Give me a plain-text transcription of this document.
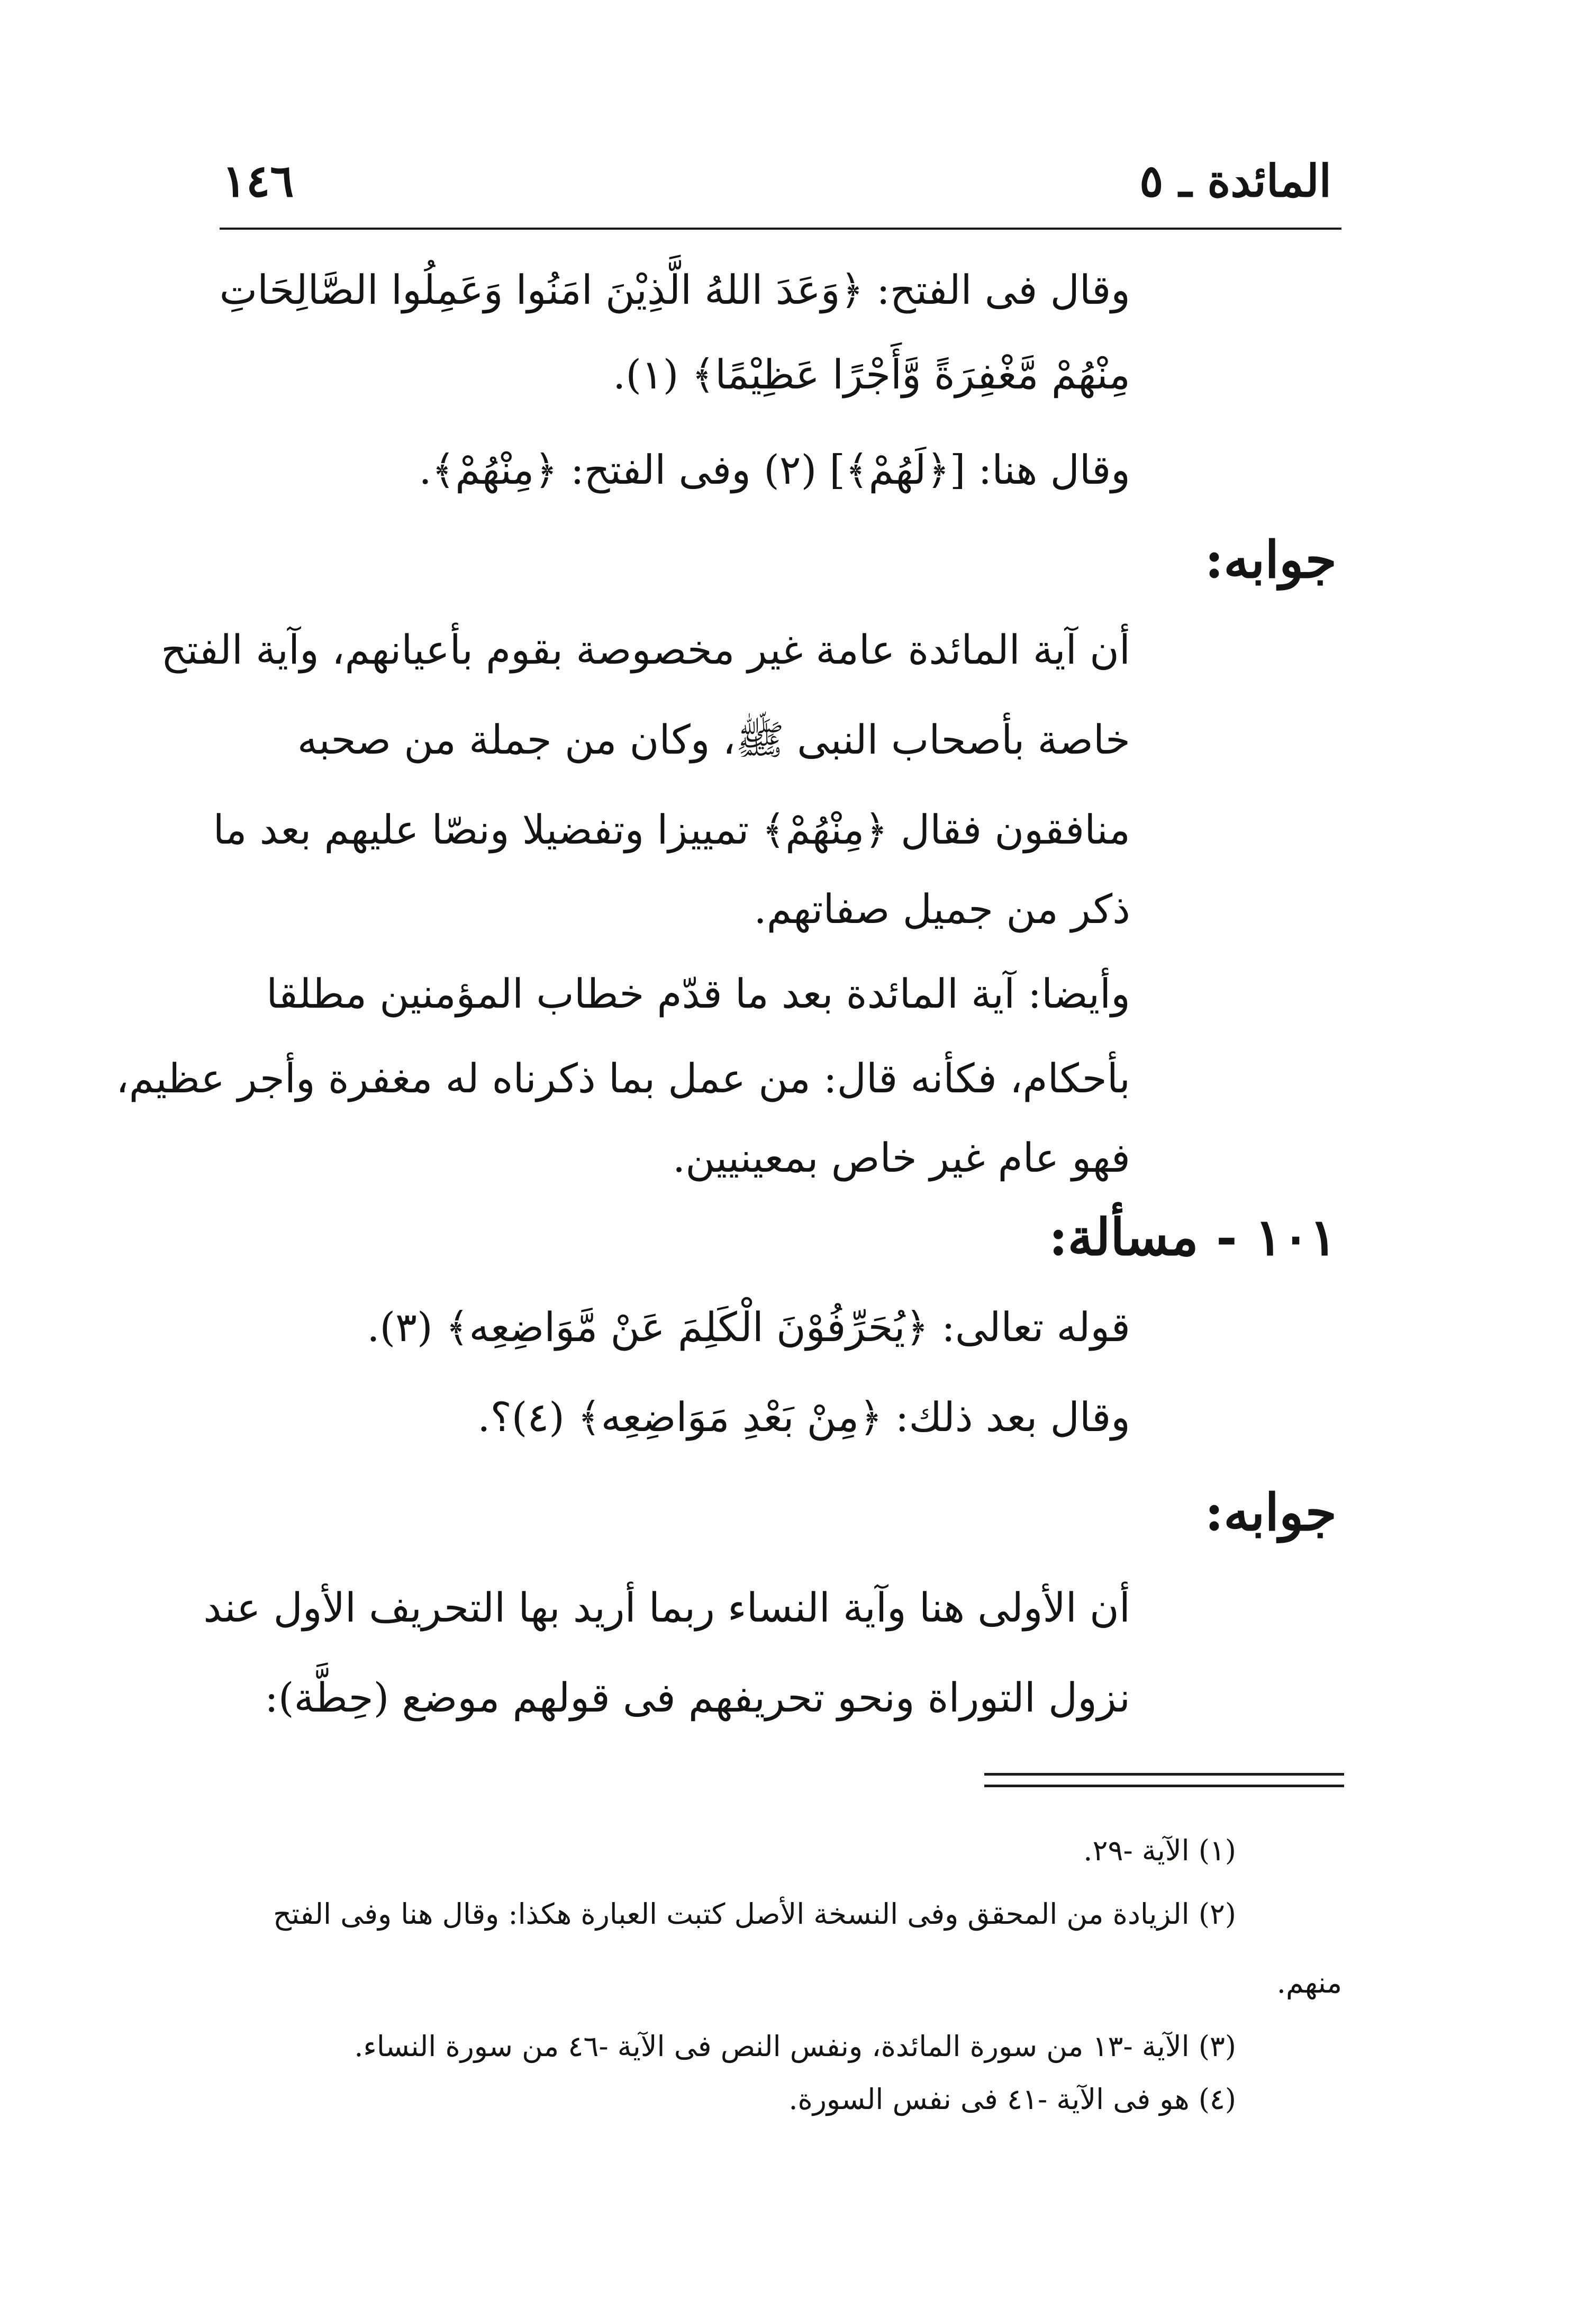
١٤٦	المائدة ـ ٥
وقال فى الفتح: ﴿وَعَدَ اللهُ الَّذِيْنَ امَنُوا وَعَمِلُوا الصَّالِحَاتِ
مِنْهُمْ مَّغْفِرَةً وَّأَجْرًا عَظِيْمًا﴾ (١).
وقال هنا: [﴿لَهُمْ﴾] (٢) وفى الفتح: ﴿مِنْهُمْ﴾.
جوابه:
أن آية المائدة عامة غير مخصوصة بقوم بأعيانهم، وآية الفتح
خاصة بأصحاب النبى ﷺ، وكان من جملة من صحبه
منافقون فقال ﴿مِنْهُمْ﴾ تمييزا وتفضيلا ونصّا عليهم بعد ما
ذكر من جميل صفاتهم.
وأيضا: آية المائدة بعد ما قدّم خطاب المؤمنين مطلقا
بأحكام، فكأنه قال: من عمل بما ذكرناه له مغفرة وأجر عظيم،
فهو عام غير خاص بمعينيين.
١٠١ - مسألة:
قوله تعالى: ﴿يُحَرِّفُوْنَ الْكَلِمَ عَنْ مَّوَاضِعِه﴾ (٣).
وقال بعد ذلك: ﴿مِنْ بَعْدِ مَوَاضِعِه﴾ (٤)؟.
جوابه:
أن الأولى هنا وآية النساء ربما أريد بها التحريف الأول عند
نزول التوراة ونحو تحريفهم فى قولهم موضع (حِطَّة):
(١) الآية -٢٩.
(٢) الزيادة من المحقق وفى النسخة الأصل كتبت العبارة هكذا: وقال هنا وفى الفتح
منهم.
(٣) الآية -١٣ من سورة المائدة، ونفس النص فى الآية -٤٦ من سورة النساء.
(٤) هو فى الآية -٤١ فى نفس السورة.
